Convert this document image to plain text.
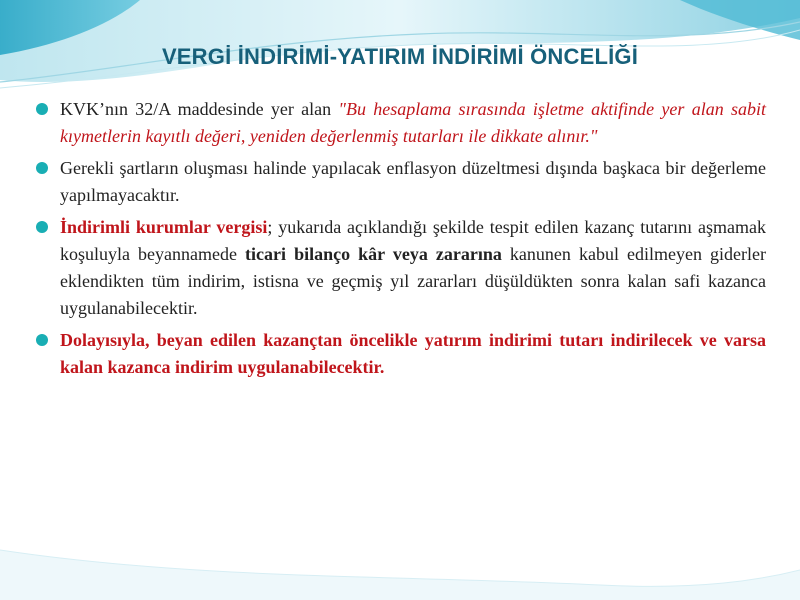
VERGİ İNDİRİMİ-YATIRIM İNDİRİMİ ÖNCELİĞİ
KVK’nın 32/A maddesinde yer alan "Bu hesaplama sırasında işletme aktifinde yer alan sabit kıymetlerin kayıtlı değeri, yeniden değerlenmiş tutarları ile dikkate alınır."
Gerekli şartların oluşması halinde yapılacak enflasyon düzeltmesi dışında başkaca bir değerleme yapılmayacaktır.
İndirimli kurumlar vergisi; yukarıda açıklandığı şekilde tespit edilen kazanç tutarını aşmamak koşuluyla beyannamede ticari bilanço kâr veya zararına kanunen kabul edilmeyen giderler eklendikten tüm indirim, istisna ve geçmiş yıl zararları düşüldükten sonra kalan safi kazanca uygulanabilecektir.
Dolayısıyla, beyan edilen kazançtan öncelikle yatırım indirimi tutarı indirilecek ve varsa kalan kazanca indirim uygulanabilecektir.
